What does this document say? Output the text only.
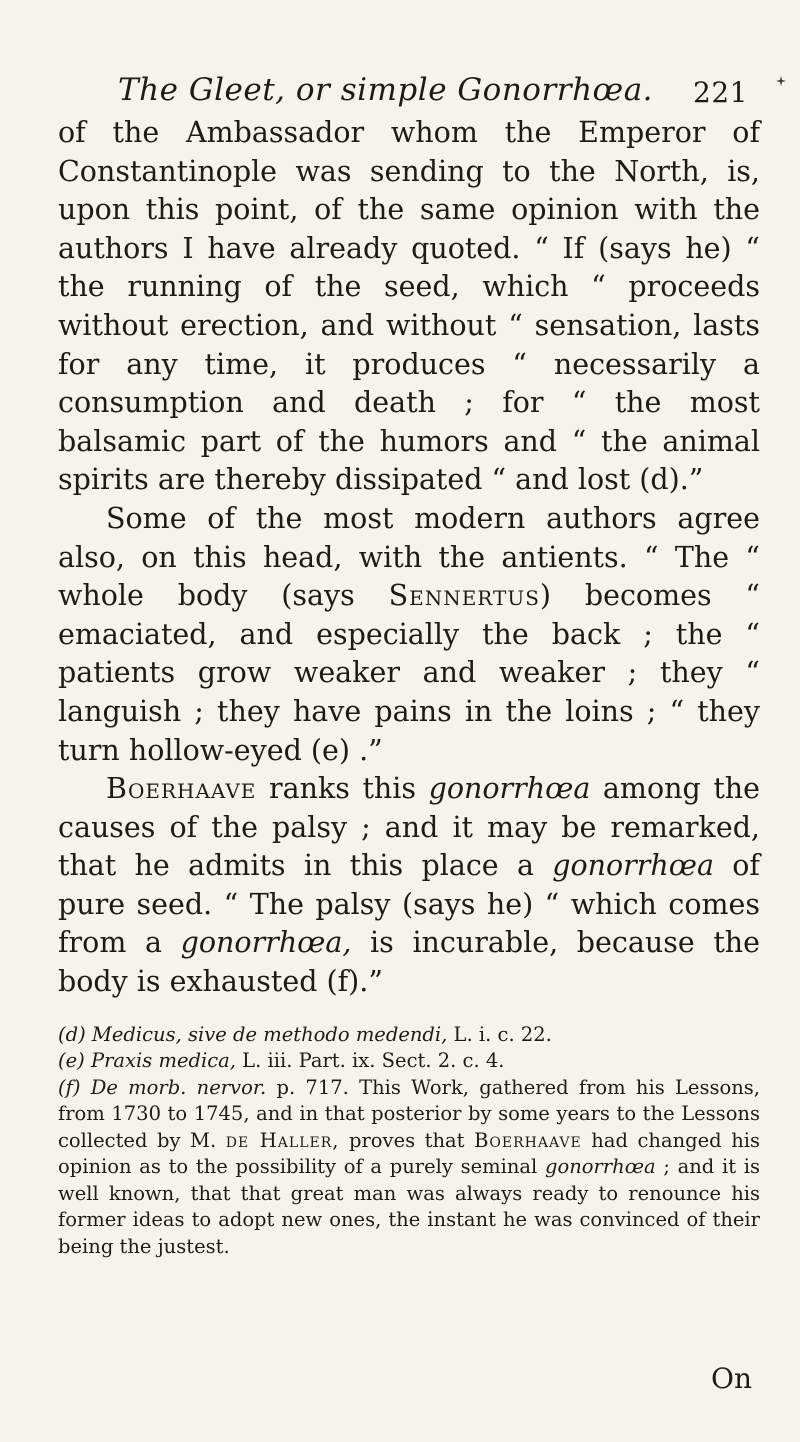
The Gleet, or simple Gonorrhœa. 221

of the Ambassador whom the Emperor of Constantinople was sending to the North, is, upon this point, of the same opinion with the authors I have already quoted. “ If (says he) “ the running of the seed, which “ proceeds without erection, and without “ sensation, lasts for any time, it produces “ necessarily a consumption and death ; for “ the most balsamic part of the humors and “ the animal spirits are thereby dissipated “ and lost (d).”

Some of the most modern authors agree also, on this head, with the antients. “ The “ whole body (says Sennertus) becomes “ emaciated, and especially the back ; the “ patients grow weaker and weaker ; they “ languish ; they have pains in the loins ; “ they turn hollow-eyed (e) .”

Boerhaave ranks this gonorrhœa among the causes of the palsy ; and it may be remarked, that he admits in this place a gonorrhœa of pure seed. “ The palsy (says he) “ which comes from a gonorrhœa, is incurable, because the body is exhausted (f).”

(d) Medicus, sive de methodo medendi, L. i. c. 22.

(e) Praxis medica, L. iii. Part. ix. Sect. 2. c. 4.

(f) De morb. nervor. p. 717. This Work, gathered from his Lessons, from 1730 to 1745, and in that posterior by some years to the Lessons collected by M. de Haller, proves that Boerhaave had changed his opinion as to the possibility of a purely seminal gonorrhœa ; and it is well known, that that great man was always ready to renounce his former ideas to adopt new ones, the instant he was convinced of their being the justest.

On
